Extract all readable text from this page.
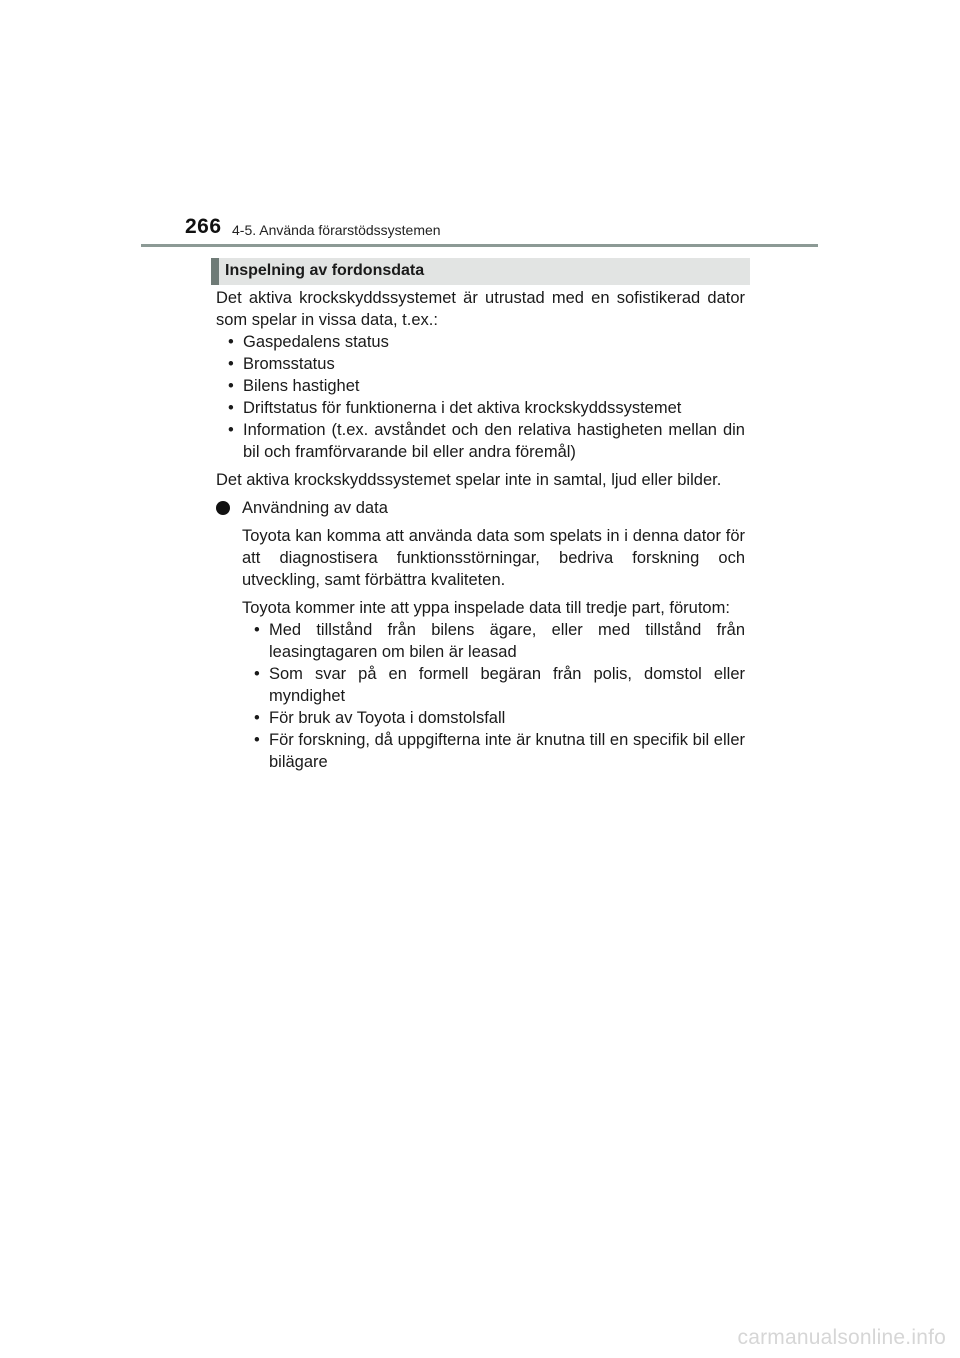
266 4-5. Använda förarstödssystemen
Inspelning av fordonsdata

Det aktiva krockskyddssystemet är utrustad med en sofistikerad dator som spelar in vissa data, t.ex.:

• Gaspedalens status
• Bromsstatus
• Bilens hastighet
• Driftstatus för funktionerna i det aktiva krockskyddssystemet
• Information (t.ex. avståndet och den relativa hastigheten mellan din bil och framförvarande bil eller andra föremål)

Det aktiva krockskyddssystemet spelar inte in samtal, ljud eller bilder.

Användning av data

Toyota kan komma att använda data som spelats in i denna dator för att diagnostisera funktionsstörningar, bedriva forskning och utveckling, samt förbättra kvaliteten.

Toyota kommer inte att yppa inspelade data till tredje part, förutom:

• Med tillstånd från bilens ägare, eller med tillstånd från leasingtagaren om bilen är leasad
• Som svar på en formell begäran från polis, domstol eller myndighet
• För bruk av Toyota i domstolsfall
• För forskning, då uppgifterna inte är knutna till en specifik bil eller bilägare
carmanualsonline.info
